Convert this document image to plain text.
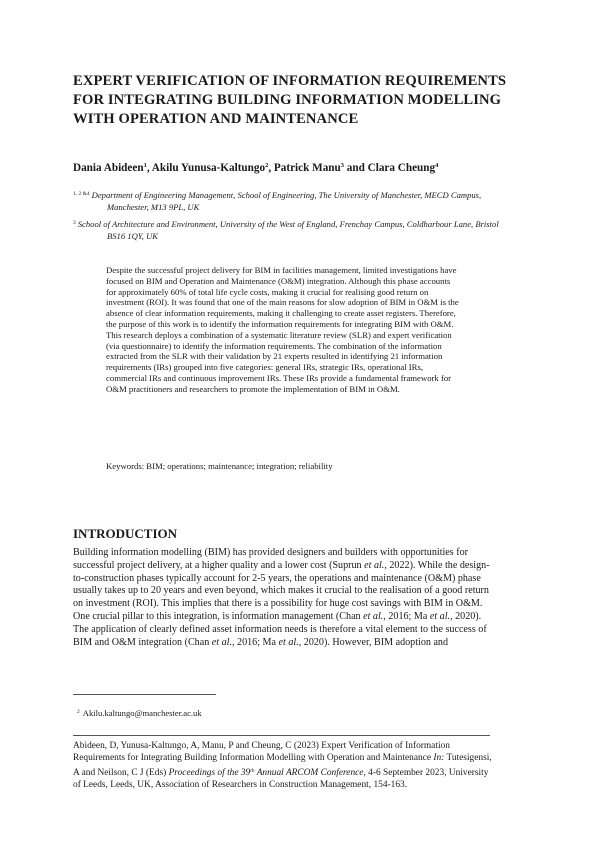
EXPERT VERIFICATION OF INFORMATION REQUIREMENTS FOR INTEGRATING BUILDING INFORMATION MODELLING WITH OPERATION AND MAINTENANCE

Dania Abideen$^1$, Akilu Yunusa-Kaltungo$^2$, Patrick Manu$^3$ and Clara Cheung$^4$

$^{1, 2 \&4}$ Department of Engineering Management, School of Engineering, The University of Manchester, MECD Campus, Manchester, M13 9PL, UK

$^3$ School of Architecture and Environment, University of the West of England, Frenchay Campus, Coldharbour Lane, Bristol BS16 1QY, UK

Despite the successful project delivery for BIM in facilities management, limited investigations have focused on BIM and Operation and Maintenance (O&M) integration. Although this phase accounts for approximately 60% of total life cycle costs, making it crucial for realising good return on investment (ROI). It was found that one of the main reasons for slow adoption of BIM in O&M is the absence of clear information requirements, making it challenging to create asset registers. Therefore, the purpose of this work is to identify the information requirements for integrating BIM with O&M. This research deploys a combination of a systematic literature review (SLR) and expert verification (via questionnaire) to identify the information requirements. The combination of the information extracted from the SLR with their validation by 21 experts resulted in identifying 21 information requirements (IRs) grouped into five categories: general IRs, strategic IRs, operational IRs, commercial IRs and continuous improvement IRs. These IRs provide a fundamental framework for O&M practitioners and researchers to promote the implementation of BIM in O&M.

Keywords: BIM; operations; maintenance; integration; reliability

INTRODUCTION

Building information modelling (BIM) has provided designers and builders with opportunities for successful project delivery, at a higher quality and a lower cost (Suprun et al., 2022). While the design-to-construction phases typically account for 2-5 years, the operations and maintenance (O&M) phase usually takes up to 20 years and even beyond, which makes it crucial to the realisation of a good return on investment (ROI). This implies that there is a possibility for huge cost savings with BIM in O&M. One crucial pillar to this integration, is information management (Chan et al., 2016; Ma et al., 2020). The application of clearly defined asset information needs is therefore a vital element to the success of BIM and O&M integration (Chan et al., 2016; Ma et al., 2020). However, BIM adoption and

$^2$ Akilu.kaltungo@manchester.ac.uk

Abideen, D, Yunusa-Kaltungo, A, Manu, P and Cheung, C (2023) Expert Verification of Information Requirements for Integrating Building Information Modelling with Operation and Maintenance In: Tutesigensi, A and Neilson, C J (Eds) Proceedings of the 39th Annual ARCOM Conference, 4-6 September 2023, University of Leeds, Leeds, UK, Association of Researchers in Construction Management, 154-163.
